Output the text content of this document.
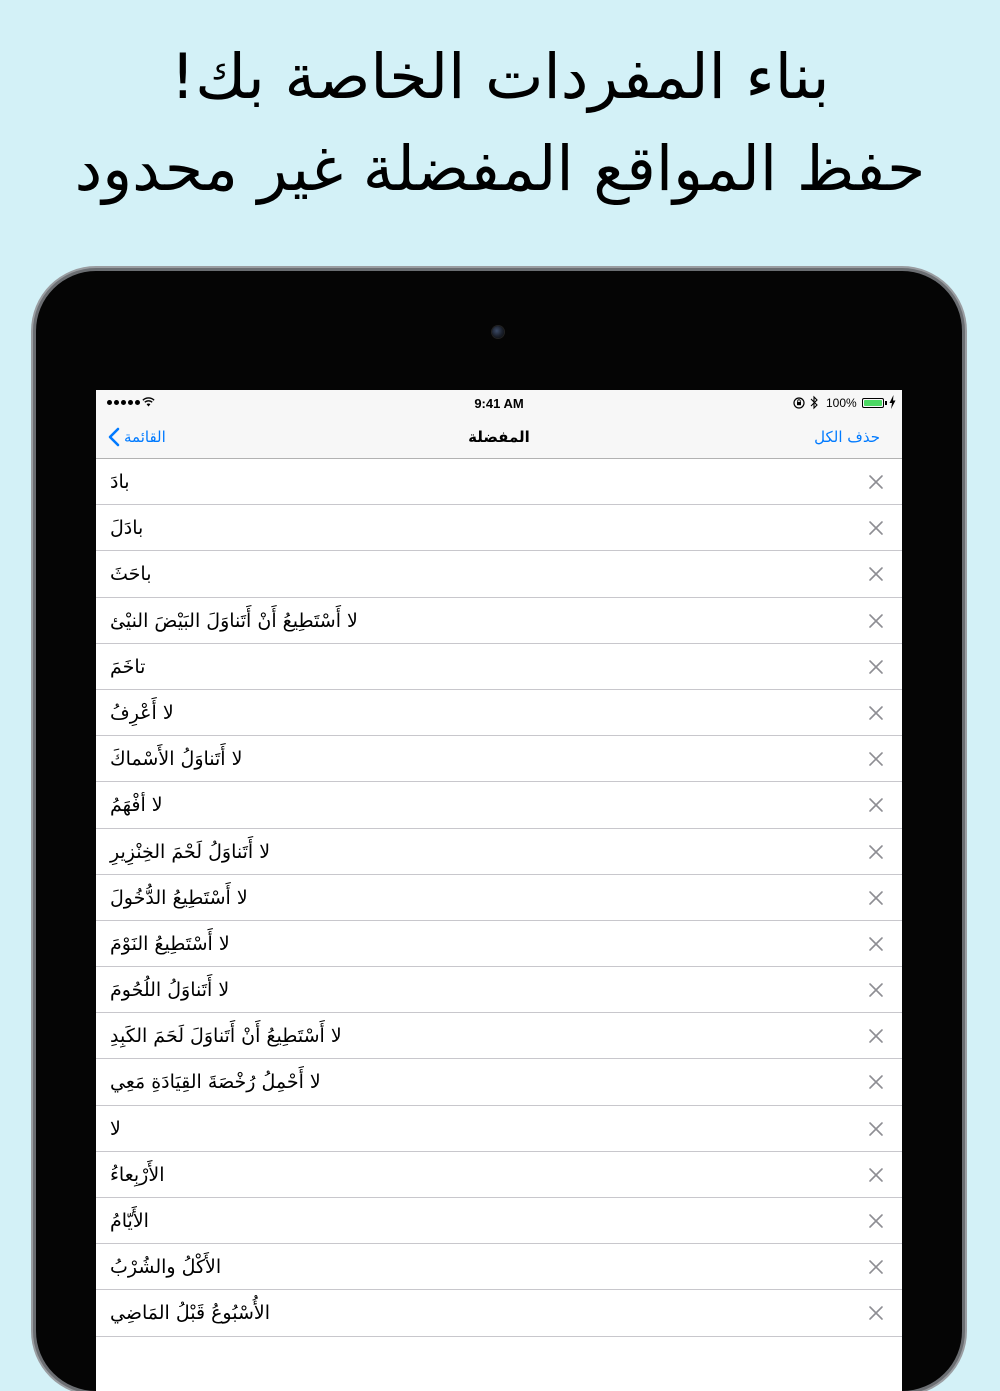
بناء المفردات الخاصة بك!
حفظ المواقع المفضلة غير محدود
9:41 AM	100%
القائمة	المفضلة	حذف الكل
بادَ
بادَلَ
باحَثَ
لا أَسْتَطِيعُ أَنْ أَتَناوَلَ البَيْضَ النيْئ
تاخَمَ
لا أَعْرِفُ
لا أَتَناوَلُ الأَسْماكَ
لا أفْهَمُ
لا أَتَناوَلُ لَحْمَ الخِنْزِيرِ
لا أَسْتَطِيعُ الدُّخُولَ
لا أَسْتَطِيعُ النَوْمَ
لا أَتَناوَلُ اللُحُومَ
لا أَسْتَطِيعُ أَنْ أَتَناوَلَ لَحَمَ الكَبِدِ
لا أَحْمِلُ رُخْصَةَ القِيَادَةِ مَعِي
لا
الأَرْبِعاءُ
الأَيّامُ
الأَكْلُ والشُرْبُ
الأُسْبُوعُ قَبْلُ المَاضِي
